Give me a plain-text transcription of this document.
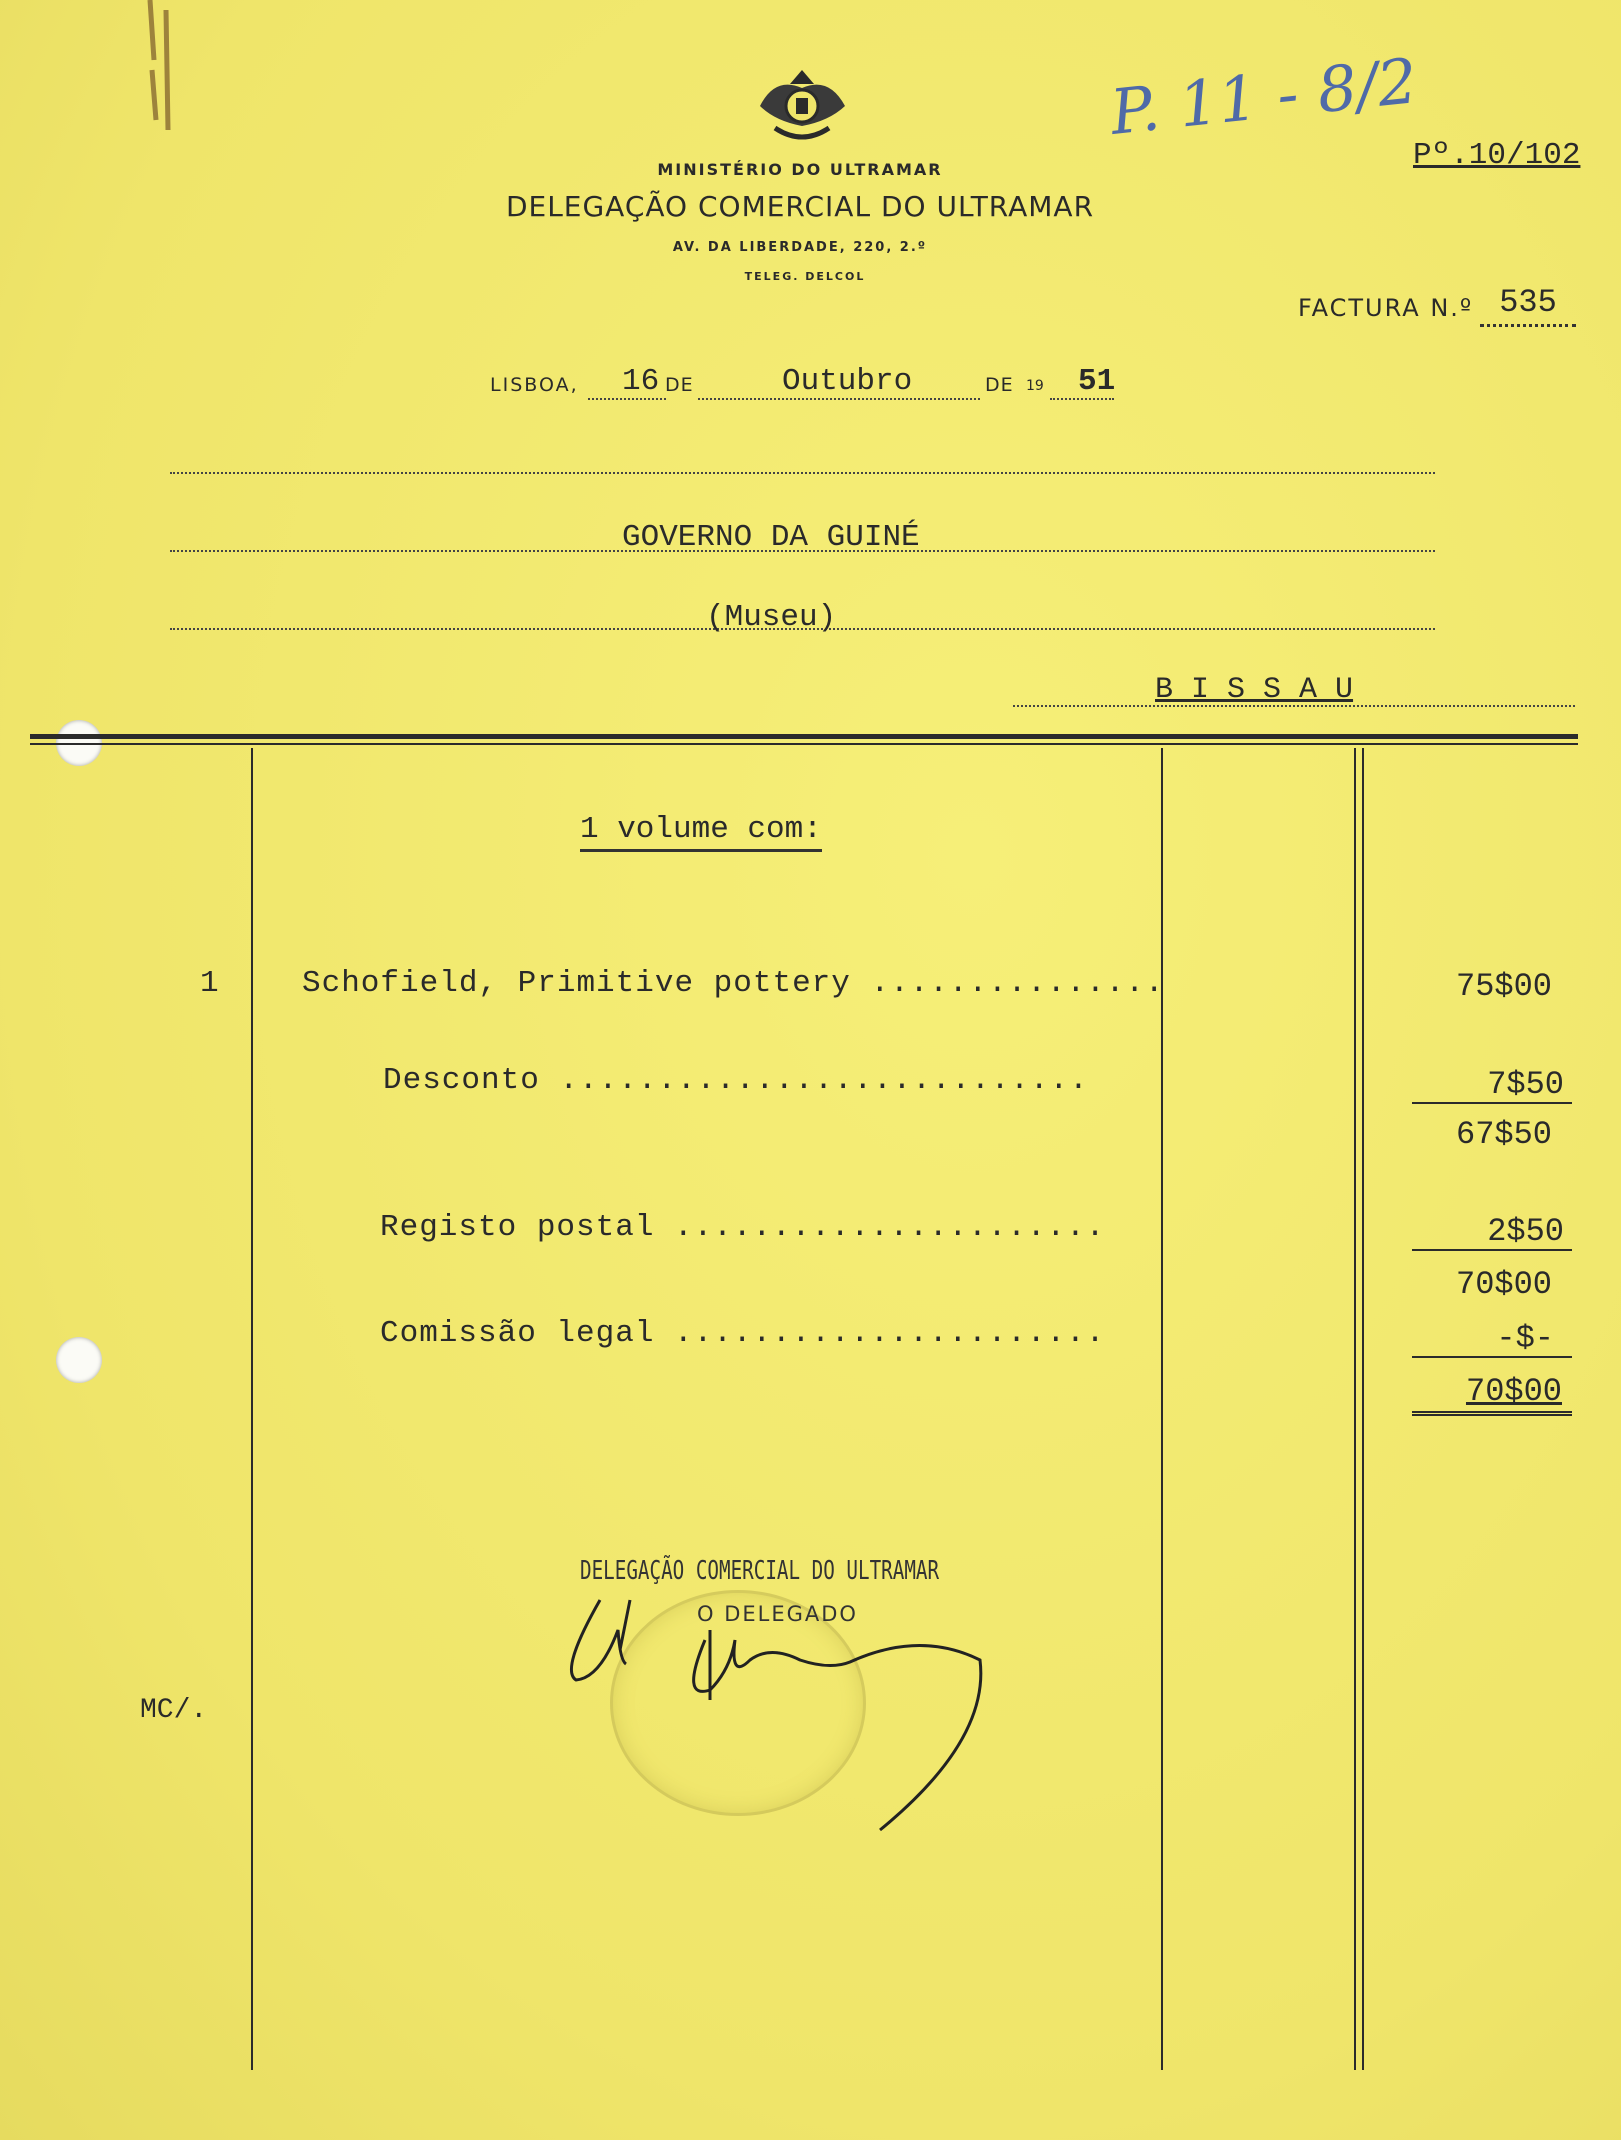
MINISTÉRIO DO ULTRAMAR
DELEGAÇÃO COMERCIAL DO ULTRAMAR
AV. DA LIBERDADE, 220, 2.º
TELEG. DELCOL
P. 11 - 8/2
Pº.10/102
FACTURA N.º 535
LISBOA, 16 DE	Outubro	DE 19 51
GOVERNO DA GUINÉ
(Museu)
B I S S A U
1 volume com:
1	Schofield, Primitive pottery ...............	75$00
Desconto ...........................	7$50
67$50
Registo postal ......................	2$50
70$00
Comissão legal ......................	-$-
70$00
DELEGAÇÃO COMERCIAL DO ULTRAMAR
O DELEGADO
MC/.
